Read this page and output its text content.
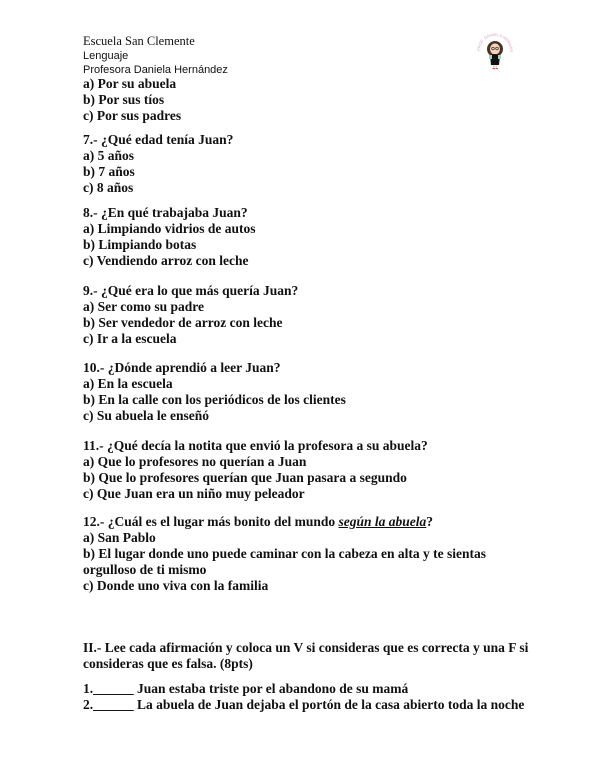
Escuela San Clemente
Lenguaje
Profesora Daniela Hernández
PROF. DANIELA HERNAN
a) Por su abuela
b) Por sus tíos
c) Por sus padres
7.- ¿Qué edad tenía Juan?
a) 5 años
b) 7 años
c) 8 años
8.- ¿En qué trabajaba Juan?
a) Limpiando vidrios de autos
b) Limpiando botas
c) Vendiendo arroz con leche
9.- ¿Qué era lo que más quería Juan?
a) Ser como su padre
b) Ser vendedor de arroz con leche
c) Ir a la escuela
10.- ¿Dónde aprendió a leer Juan?
a) En la escuela
b) En la calle con los periódicos de los clientes
c) Su abuela le enseñó
11.- ¿Qué decía la notita que envió la profesora a su abuela?
a) Que lo profesores no querían a Juan
b) Que lo profesores querían que Juan pasara a segundo
c) Que Juan era un niño muy peleador
12.- ¿Cuál es el lugar más bonito del mundo según la abuela?
a) San Pablo
b) El lugar donde uno puede caminar con la cabeza en alta y te sientas
orgulloso de ti mismo
c) Donde uno viva con la familia
II.- Lee cada afirmación y coloca un V si consideras que es correcta y una F si
consideras que es falsa. (8pts)
1.______ Juan estaba triste por el abandono de su mamá
2.______ La abuela de Juan dejaba el portón de la casa abierto toda la noche
